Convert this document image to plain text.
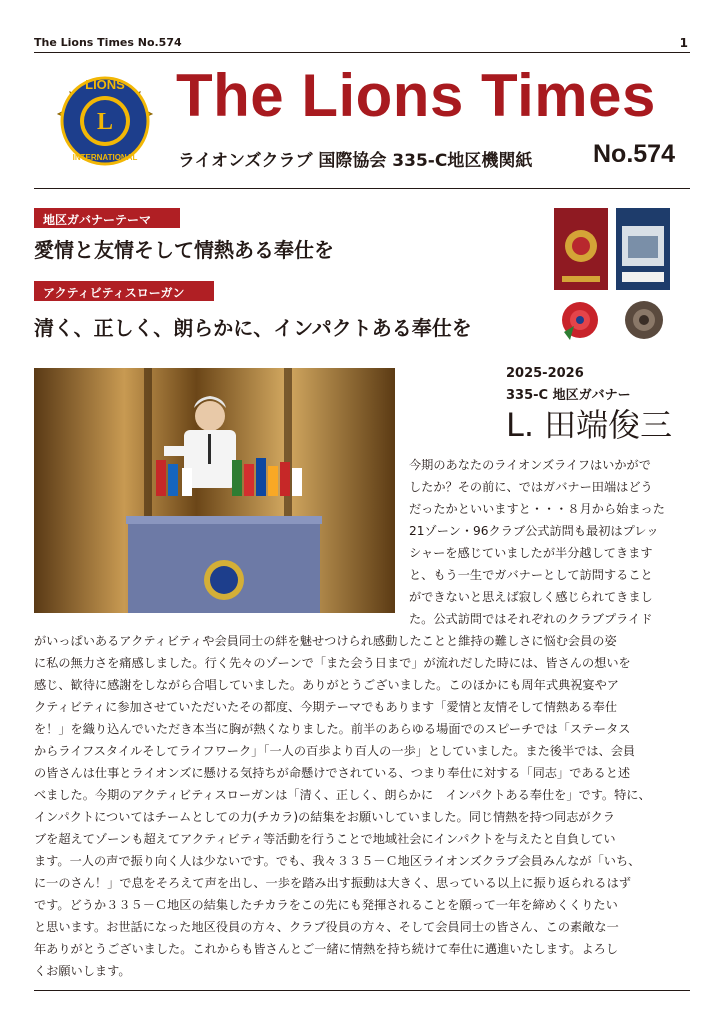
The Lions Times No.574	1
LIONS
L
INTERNATIONAL
The Lions Times
ライオンズクラブ 国際協会 335-C地区機関紙 No.574
地区ガバナーテーマ
愛情と友情そして情熱ある奉仕を
アクティビティスローガン
清く、正しく、朗らかに、インパクトある奉仕を
2025-2026
335-C 地区ガバナー
L. 田端俊三
今期のあなたのライオンズライフはいかがで
したか？その前に、ではガバナー田端はどう
だったかといいますと・・・８月から始まった
21ゾーン・96クラブ公式訪問も最初はプレッ
シャーを感じていましたが半分越してきます
と、もう一生でガバナーとして訪問すること
ができないと思えば寂しく感じられてきまし
た。公式訪問ではそれぞれのクラブプライド
がいっぱいあるアクティビティや会員同士の絆を魅せつけられ感動したことと維持の難しさに悩む会員の姿
に私の無力さを痛感しました。行く先々のゾーンで「また会う日まで」が流れだした時には、皆さんの想いを
感じ、歓待に感謝をしながら合唱していました。ありがとうございました。このほかにも周年式典祝宴やア
クティビティに参加させていただいたその都度、今期テーマでもあります「愛情と友情そして情熱ある奉仕
を！」を織り込んでいただき本当に胸が熱くなりました。前半のあらゆる場面でのスピーチでは「ステータス
からライフスタイルそしてライフワーク」「一人の百歩より百人の一歩」としていました。また後半では、会員
の皆さんは仕事とライオンズに懸ける気持ちが命懸けでされている、つまり奉仕に対する「同志」であると述
べました。今期のアクティビティスローガンは「清く、正しく、朗らかに　インパクトある奉仕を」です。特に、
インパクトについてはチームとしての力(チカラ)の結集をお願いしていました。同じ情熱を持つ同志がクラ
ブを超えてゾーンも超えてアクティビティ等活動を行うことで地域社会にインパクトを与えたと自負してい
ます。一人の声で振り向く人は少ないです。でも、我々３３５－Ｃ地区ライオンズクラブ会員みんなが「いち、
に一のさん！」で息をそろえて声を出し、一歩を踏み出す振動は大きく、思っている以上に振り返られるはず
です。どうか３３５－Ｃ地区の結集したチカラをこの先にも発揮されることを願って一年を締めくくりたい
と思います。お世話になった地区役員の方々、クラブ役員の方々、そして会員同士の皆さん、この素敵な一
年ありがとうございました。これからも皆さんとご一緒に情熱を持ち続けて奉仕に邁進いたします。よろし
くお願いします。
